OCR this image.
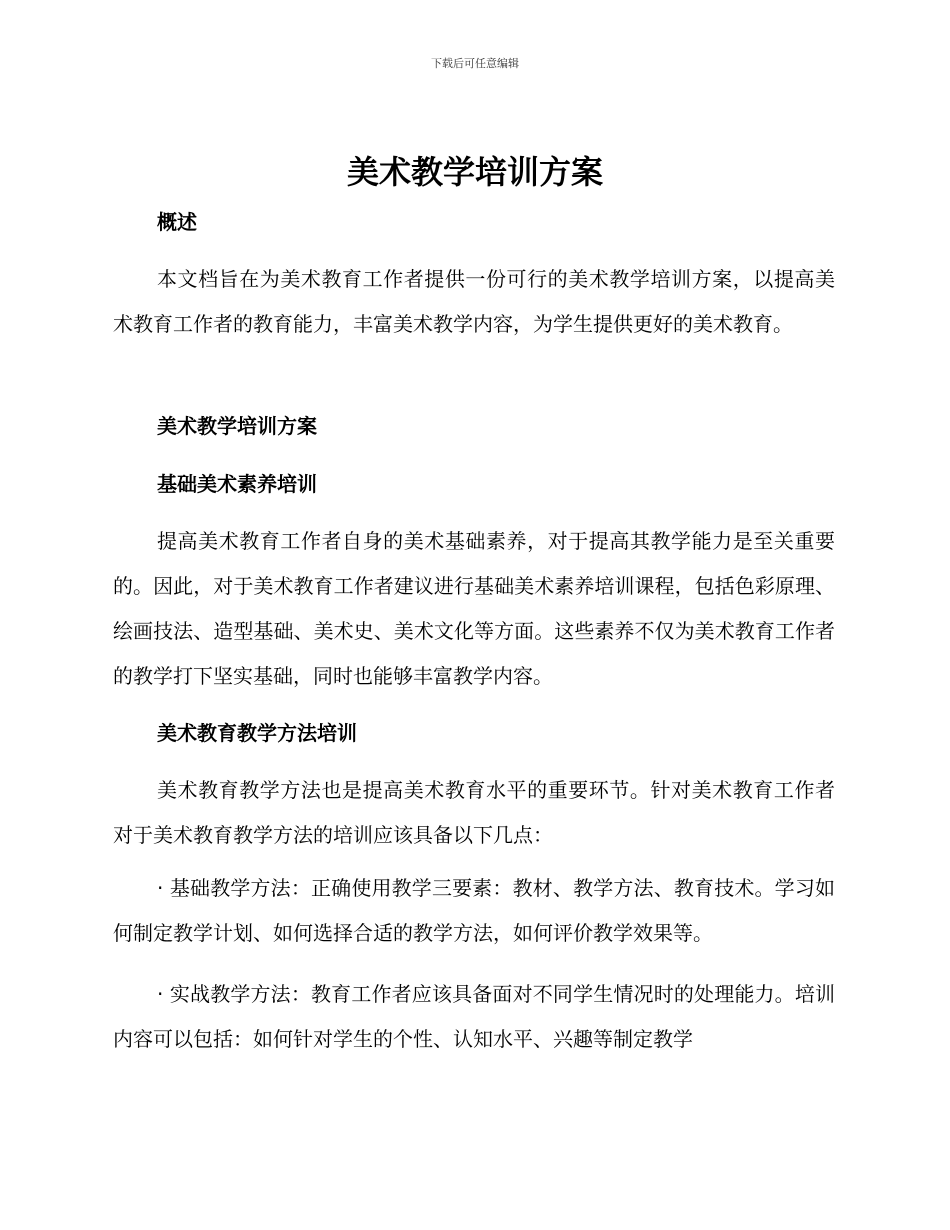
下载后可任意编辑
美术教学培训方案
概述
本文档旨在为美术教育工作者提供一份可行的美术教学培训方案，以提高美术教育工作者的教育能力，丰富美术教学内容，为学生提供更好的美术教育。
美术教学培训方案
基础美术素养培训
提高美术教育工作者自身的美术基础素养，对于提高其教学能力是至关重要的。因此，对于美术教育工作者建议进行基础美术素养培训课程，包括色彩原理、绘画技法、造型基础、美术史、美术文化等方面。这些素养不仅为美术教育工作者的教学打下坚实基础，同时也能够丰富教学内容。
美术教育教学方法培训
美术教育教学方法也是提高美术教育水平的重要环节。针对美术教育工作者对于美术教育教学方法的培训应该具备以下几点：
· 基础教学方法：正确使用教学三要素：教材、教学方法、教育技术。学习如何制定教学计划、如何选择合适的教学方法，如何评价教学效果等。
· 实战教学方法：教育工作者应该具备面对不同学生情况时的处理能力。培训内容可以包括：如何针对学生的个性、认知水平、兴趣等制定教学
